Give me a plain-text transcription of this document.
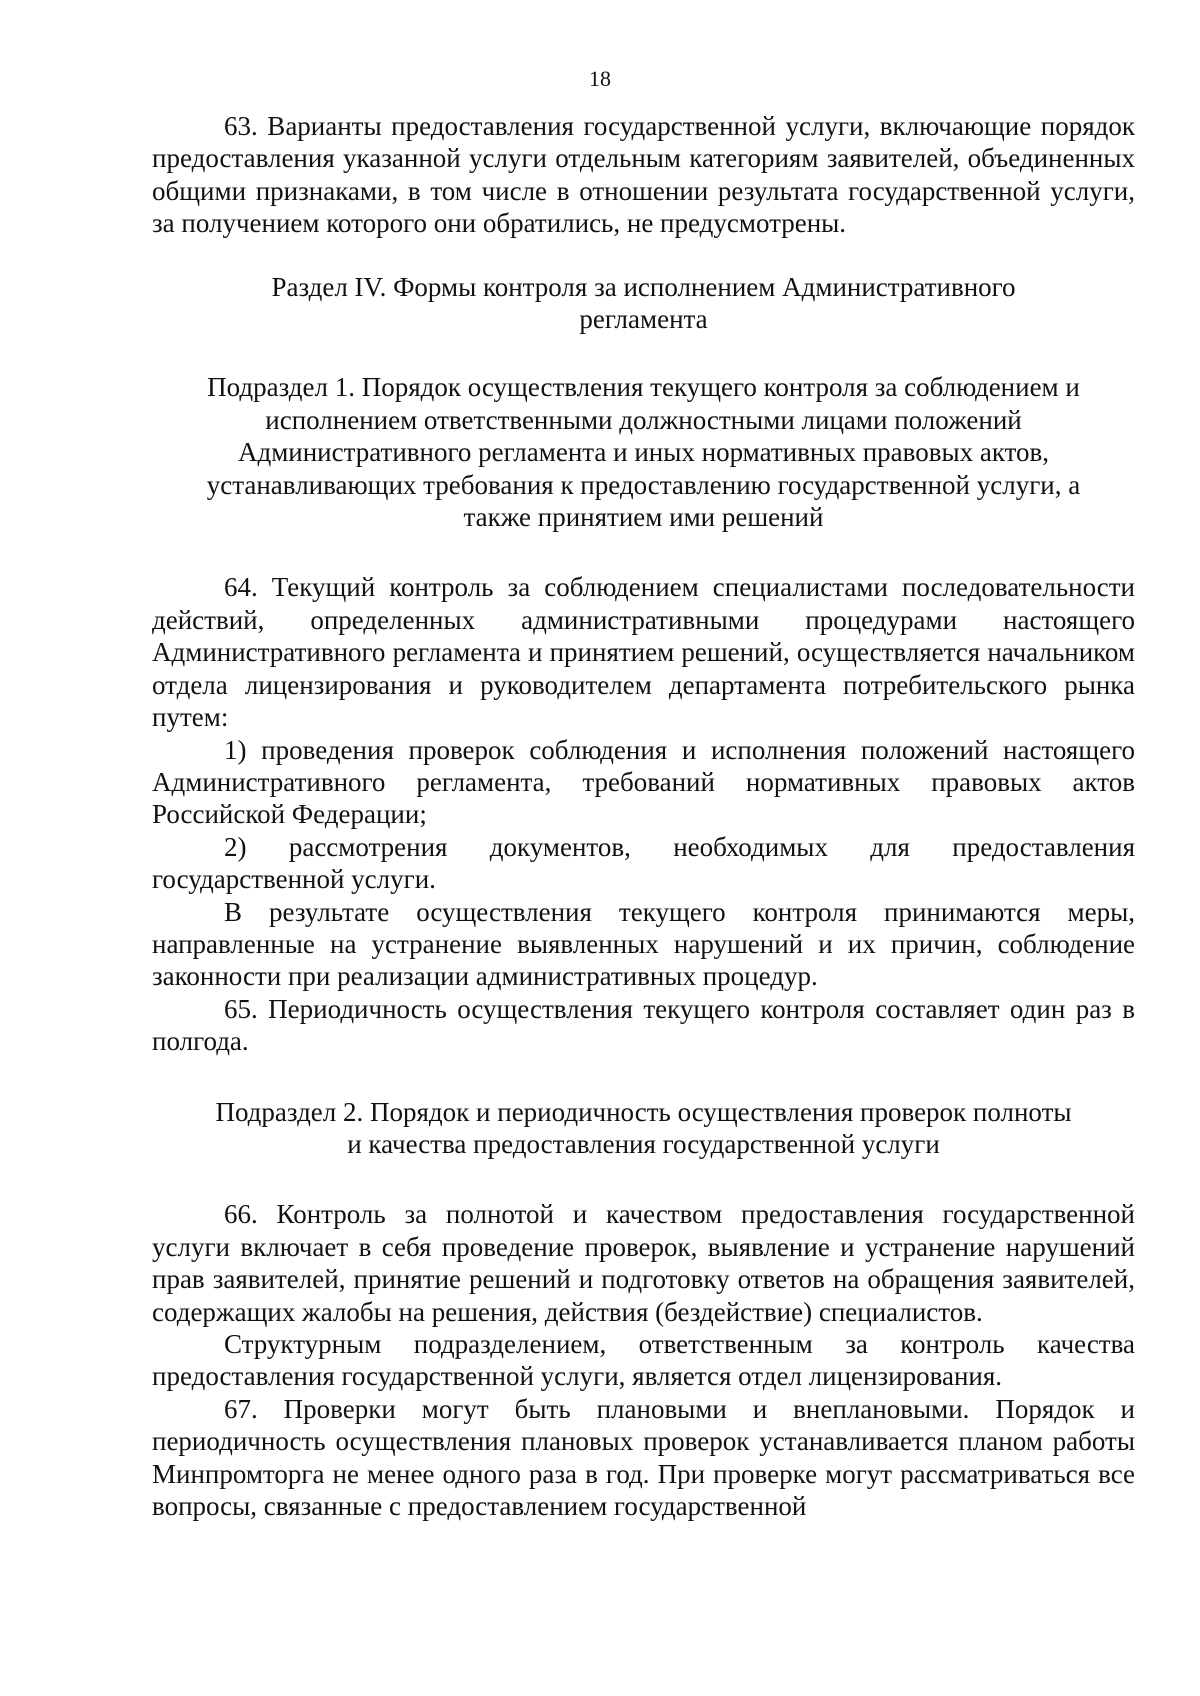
18

63. Варианты предоставления государственной услуги, включающие порядок предоставления указанной услуги отдельным категориям заявителей, объединенных общими признаками, в том числе в отношении результата государственной услуги, за получением которого они обратились, не предусмотрены.

Раздел IV. Формы контроля за исполнением Административного
регламента
Подраздел 1. Порядок осуществления текущего контроля за соблюдением и
исполнением ответственными должностными лицами положений
Административного регламента и иных нормативных правовых актов,
устанавливающих требования к предоставлению государственной услуги, а
также принятием ими решений

64. Текущий контроль за соблюдением специалистами последовательности действий, определенных административными процедурами настоящего Административного регламента и принятием решений, осуществляется начальником отдела лицензирования и руководителем департамента потребительского рынка путем:

1) проведения проверок соблюдения и исполнения положений настоящего Административного регламента, требований нормативных правовых актов Российской Федерации;

2) рассмотрения документов, необходимых для предоставления государственной услуги.

В результате осуществления текущего контроля принимаются меры, направленные на устранение выявленных нарушений и их причин, соблюдение законности при реализации административных процедур.

65. Периодичность осуществления текущего контроля составляет один раз в полгода.

Подраздел 2. Порядок и периодичность осуществления проверок полноты
и качества предоставления государственной услуги

66. Контроль за полнотой и качеством предоставления государственной услуги включает в себя проведение проверок, выявление и устранение нарушений прав заявителей, принятие решений и подготовку ответов на обращения заявителей, содержащих жалобы на решения, действия (бездействие) специалистов.

Структурным подразделением, ответственным за контроль качества предоставления государственной услуги, является отдел лицензирования.

67. Проверки могут быть плановыми и внеплановыми. Порядок и периодичность осуществления плановых проверок устанавливается планом работы Минпромторга не менее одного раза в год. При проверке могут рассматриваться все вопросы, связанные с предоставлением государственной
